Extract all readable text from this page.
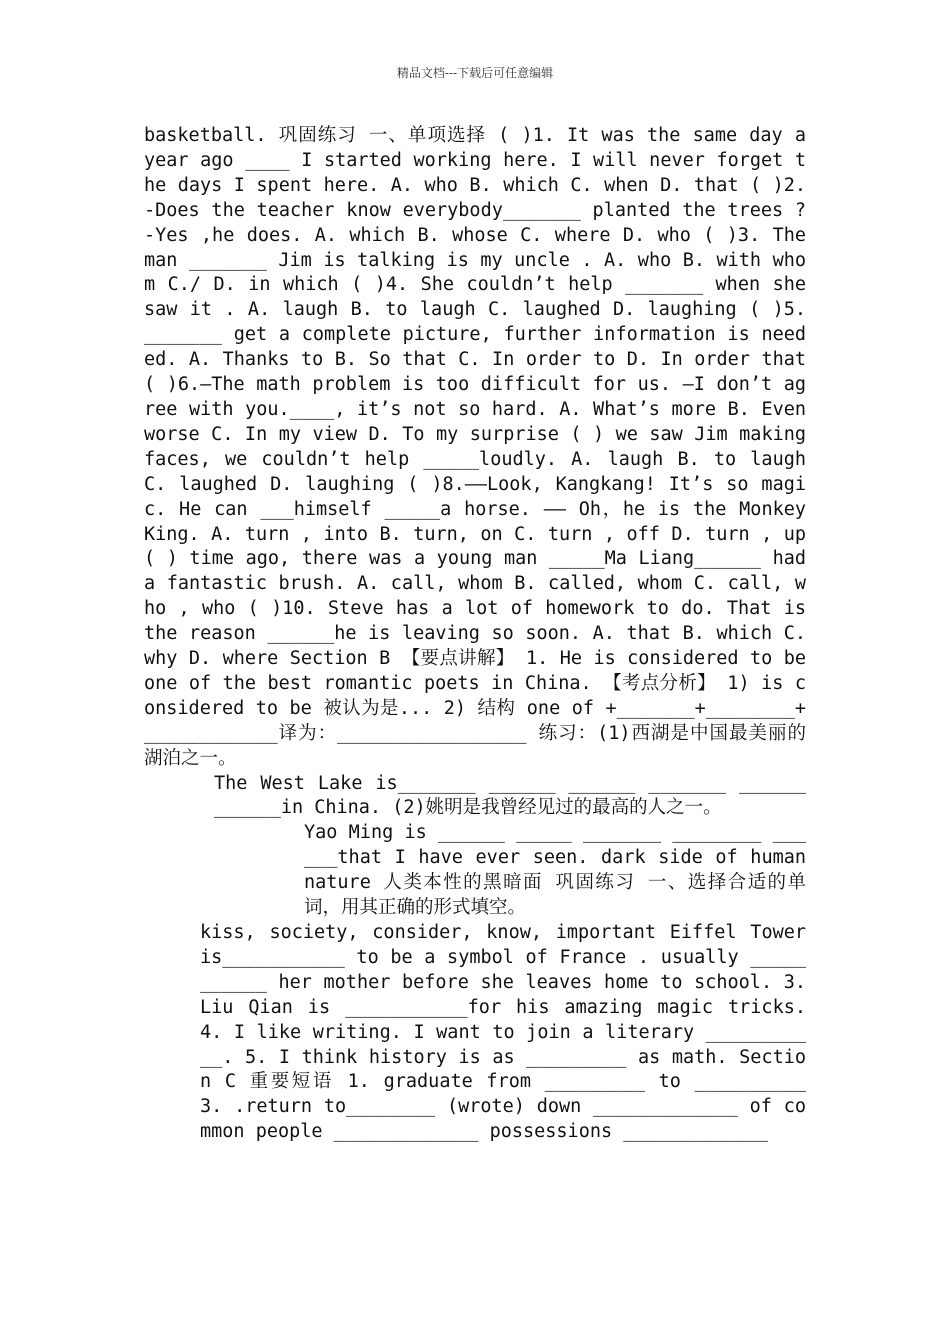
精品文档---下载后可任意编辑

basketball. 巩固练习 一、单项选择 ( )1. It was the same day a year ago ____ I started working here. I will never forget the days I spent here. A. who B. which C. when D. that ( )2. -Does the teacher know everybody_______ planted the trees ? -Yes ,he does. A. which B. whose C. where D. who ( )3. The man _______ Jim is talking is my uncle . A. who B. with whom C./ D. in which ( )4. She couldn’t help _______ when she saw it . A. laugh B. to laugh C. laughed D. laughing ( )5. _______ get a complete picture, further information is needed. A. Thanks to B. So that C. In order to D. In order that ( )6.—The math problem is too difficult for us. —I don’t agree with you.____, it’s not so hard. A. What’s more B. Even worse C. In my view D. To my surprise ( ) we saw Jim making faces, we couldn’t help _____loudly. A. laugh B. to laugh C. laughed D. laughing ( )8.——Look, Kangkang! It’s so magic. He can ___himself _____a horse. —— Oh，he is the Monkey King. A. turn , into B. turn, on C. turn , off D. turn , up ( ) time ago, there was a young man _____Ma Liang______ had a fantastic brush. A. call, whom B. called, whom C. call, who , who ( )10. Steve has a lot of homework to do. That is the reason ______he is leaving so soon. A. that B. which C. why D. where Section B 【要点讲解】 1. He is considered to be one of the best romantic poets in China. 【考点分析】 1) is considered to be 被认为是... 2) 结构 one of +_______+________+____________译为：_________________ 练习：(1)西湖是中国最美丽的湖泊之一。

The West Lake is_______ ______ ______ _______ ______ ______in China. (2)姚明是我曾经见过的最高的人之一。

Yao Ming is ______ _____ _______ ________ ______that I have ever seen. dark side of human nature 人类本性的黑暗面 巩固练习 一、选择合适的单词，用其正确的形式填空。

kiss, society, consider, know, important Eiffel Tower is___________ to be a symbol of France . usually ___________ her mother before she leaves home to school. 3. Liu Qian is ___________for his amazing magic tricks. 4. I like writing. I want to join a literary ___________. 5. I think history is as _________ as math. Section C 重要短语 1. graduate from _________ to __________ 3. .return to________ (wrote) down _____________ of common people _____________ possessions _____________
